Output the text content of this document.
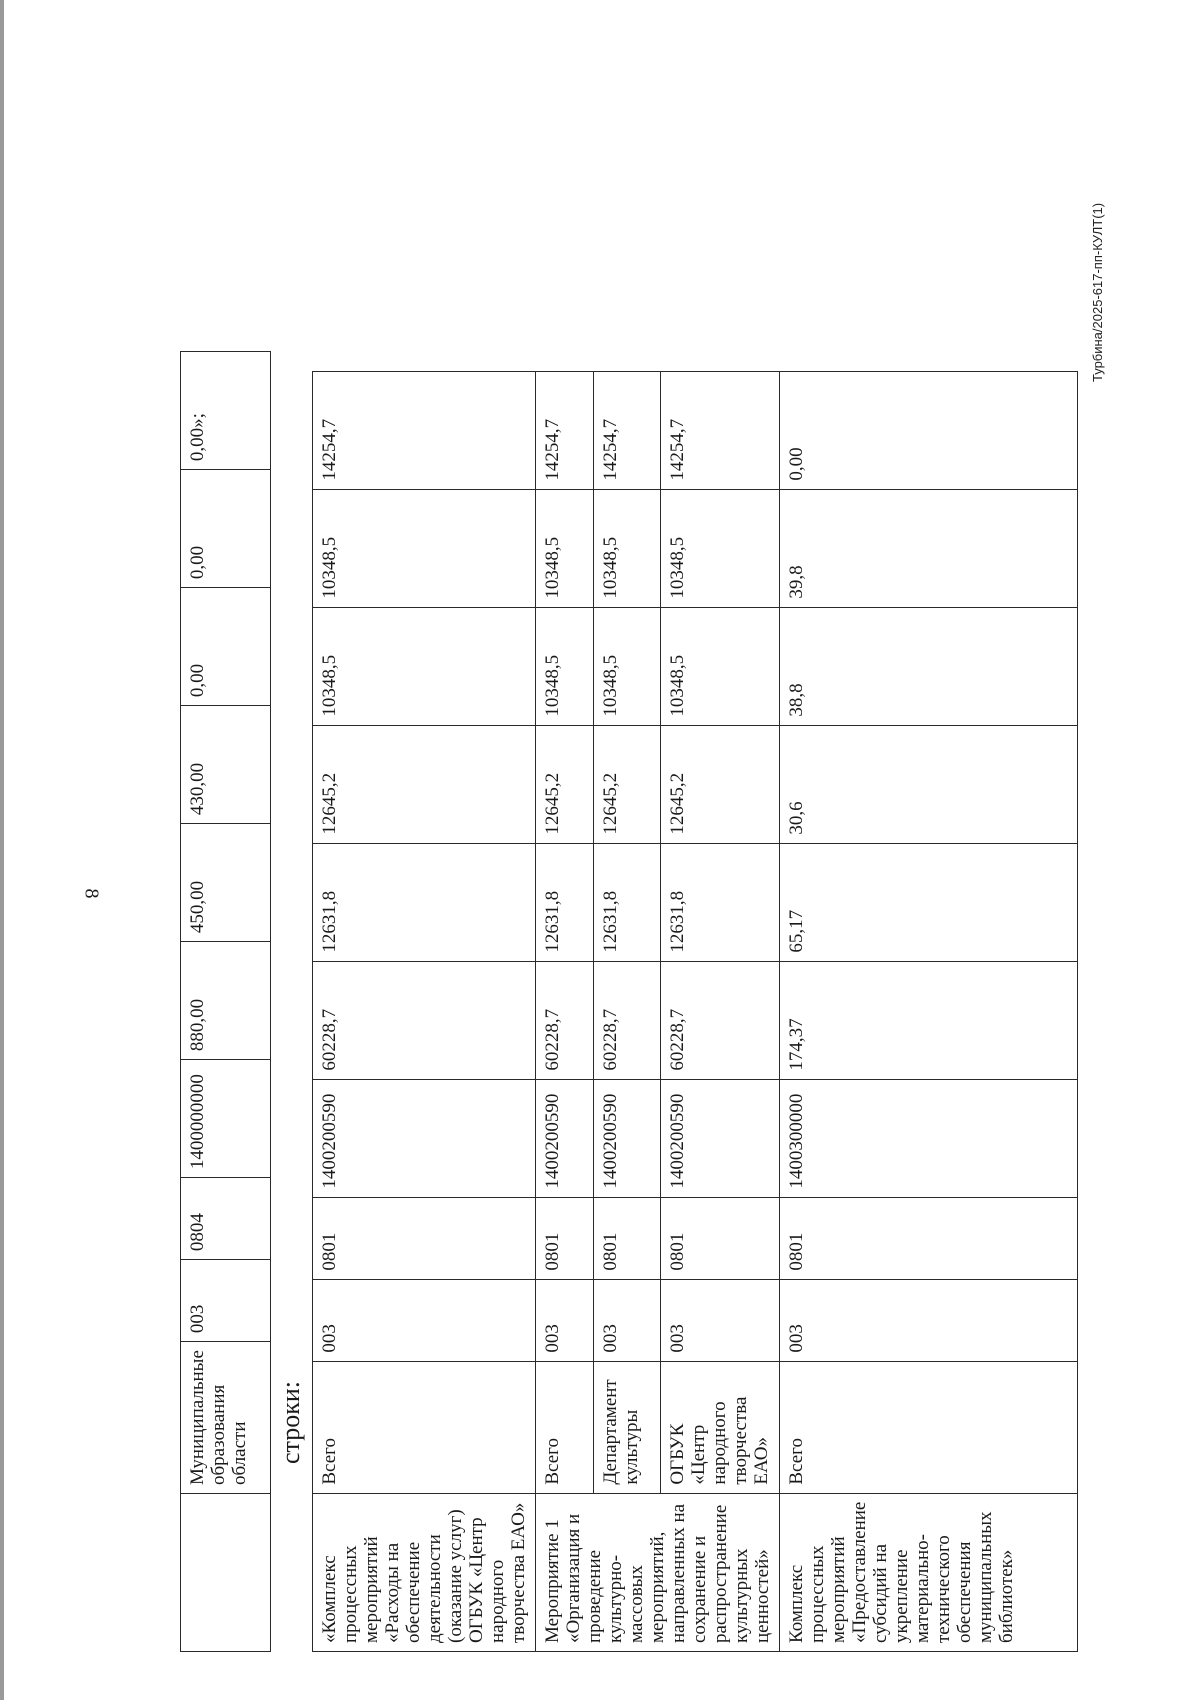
8
Турбина/2025-617-пп-КУЛТ(1)
	Муниципальные образования области	003	0804	1400000000	880,00	450,00	430,00	0,00	0,00	0,00»;
строки:
«Комплекс процессных мероприятий «Расходы на обеспечение деятельности (оказание услуг) ОГБУК «Центр народного творчества ЕАО»	Всего	003	0801	1400200590	60228,7	12631,8	12645,2	10348,5	10348,5	14254,7
Мероприятие 1 «Организация и проведение культурно-массовых мероприятий, направленных на сохранение и распространение культурных ценностей»	Всего	003	0801	1400200590	60228,7	12631,8	12645,2	10348,5	10348,5	14254,7
	Департамент культуры	003	0801	1400200590	60228,7	12631,8	12645,2	10348,5	10348,5	14254,7
	ОГБУК «Центр народного творчества ЕАО»	003	0801	1400200590	60228,7	12631,8	12645,2	10348,5	10348,5	14254,7
Комплекс процессных мероприятий «Предоставление субсидий на укрепление материально-технического обеспечения муниципальных библиотек»	Всего	003	0801	1400300000	174,37	65,17	30,6	38,8	39,8	0,00
